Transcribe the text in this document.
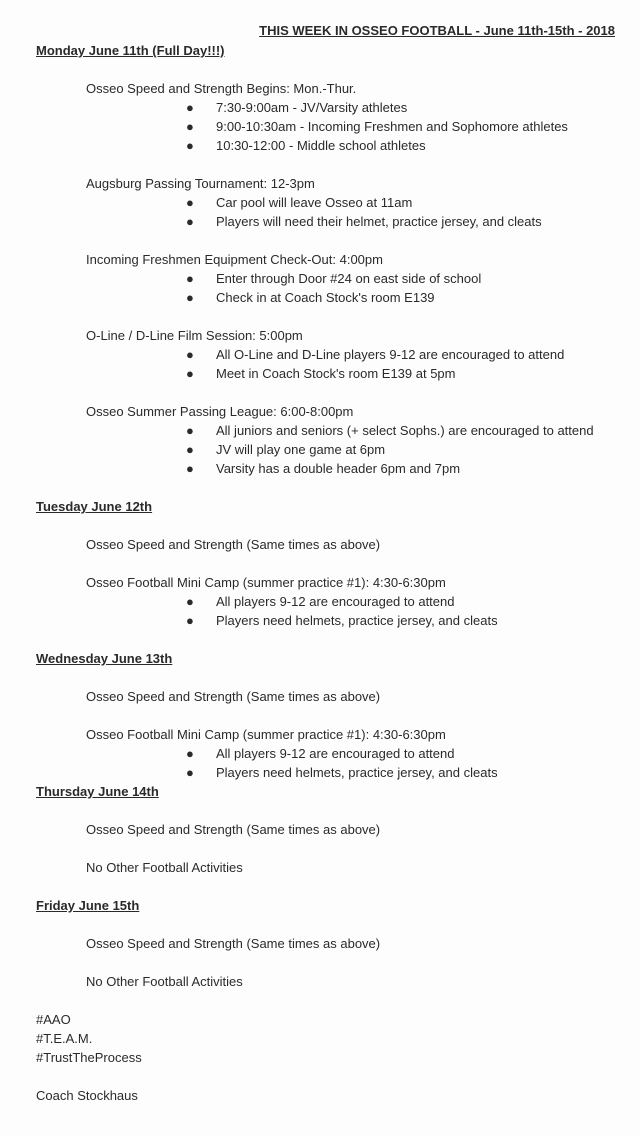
THIS WEEK IN OSSEO FOOTBALL - June 11th-15th - 2018
Monday June 11th (Full Day!!!)
Osseo Speed and Strength Begins: Mon.-Thur.
● 7:30-9:00am - JV/Varsity athletes
● 9:00-10:30am - Incoming Freshmen and Sophomore athletes
● 10:30-12:00 - Middle school athletes
Augsburg Passing Tournament: 12-3pm
● Car pool will leave Osseo at 11am
● Players will need their helmet, practice jersey, and cleats
Incoming Freshmen Equipment Check-Out: 4:00pm
● Enter through Door #24 on east side of school
● Check in at Coach Stock's room E139
O-Line / D-Line Film Session: 5:00pm
● All O-Line and D-Line players 9-12 are encouraged to attend
● Meet in Coach Stock's room E139 at 5pm
Osseo Summer Passing League: 6:00-8:00pm
● All juniors and seniors (+ select Sophs.) are encouraged to attend
● JV will play one game at 6pm
● Varsity has a double header 6pm and 7pm
Tuesday June 12th
Osseo Speed and Strength (Same times as above)
Osseo Football Mini Camp (summer practice #1): 4:30-6:30pm
● All players 9-12 are encouraged to attend
● Players need helmets, practice jersey, and cleats
Wednesday June 13th
Osseo Speed and Strength (Same times as above)
Osseo Football Mini Camp (summer practice #1): 4:30-6:30pm
● All players 9-12 are encouraged to attend
● Players need helmets, practice jersey, and cleats
Thursday June 14th
Osseo Speed and Strength (Same times as above)
No Other Football Activities
Friday June 15th
Osseo Speed and Strength (Same times as above)
No Other Football Activities
#AAO
#T.E.A.M.
#TrustTheProcess
Coach Stockhaus
